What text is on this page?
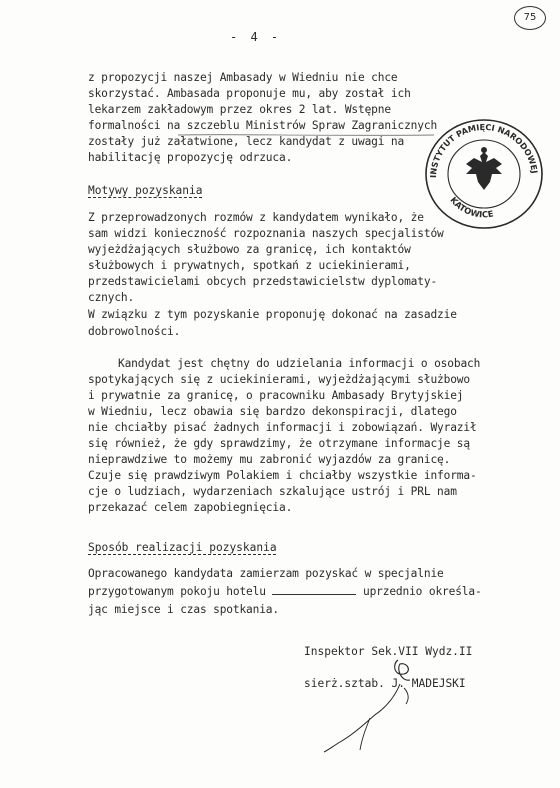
- 4 -
75
z propozycji naszej Ambasady w Wiedniu nie chce
skorzystać. Ambasada proponuje mu, aby został ich
lekarzem zakładowym przez okres 2 lat. Wstępne
formalności na szczeblu Ministrów Spraw Zagranicznych
zostały już załatwione, lecz kandydat z uwagi na
habilitację propozycję odrzuca.
Motywy pozyskania
Z przeprowadzonych rozmów z kandydatem wynikało, że
sam widzi konieczność rozpoznania naszych specjalistów
wyjeżdżających służbowo za granicę, ich kontaktów
służbowych i prywatnych, spotkań z uciekinierami,
przedstawicielami obcych przedstawicielstw dyplomaty-
cznych.
W związku z tym pozyskanie proponuję dokonać na zasadzie
dobrowolności.
Kandydat jest chętny do udzielania informacji o osobach
spotykających się z uciekinierami, wyjeżdżającymi służbowo
i prywatnie za granicę, o pracowniku Ambasady Brytyjskiej
w Wiedniu, lecz obawia się bardzo dekonspiracji, dlatego
nie chciałby pisać żadnych informacji i zobowiązań. Wyraził
się również, że gdy sprawdzimy, że otrzymane informacje są
nieprawdziwe to możemy mu zabronić wyjazdów za granicę.
Czuje się prawdziwym Polakiem i chciałby wszystkie informa-
cje o ludziach, wydarzeniach szkalujące ustrój i PRL nam
przekazać celem zapobiegnięcia.
Sposób realizacji pozyskania
Opracowanego kandydata zamierzam pozyskać w specjalnie
przygotowanym pokoju hotelu	uprzednio określa-
jąc miejsce i czas spotkania.
Inspektor Sek.VII Wydz.II
sierż.sztab. J. MADEJSKI
INSTYTUT PAMIĘCI NARODOWEJ
KATOWICE
